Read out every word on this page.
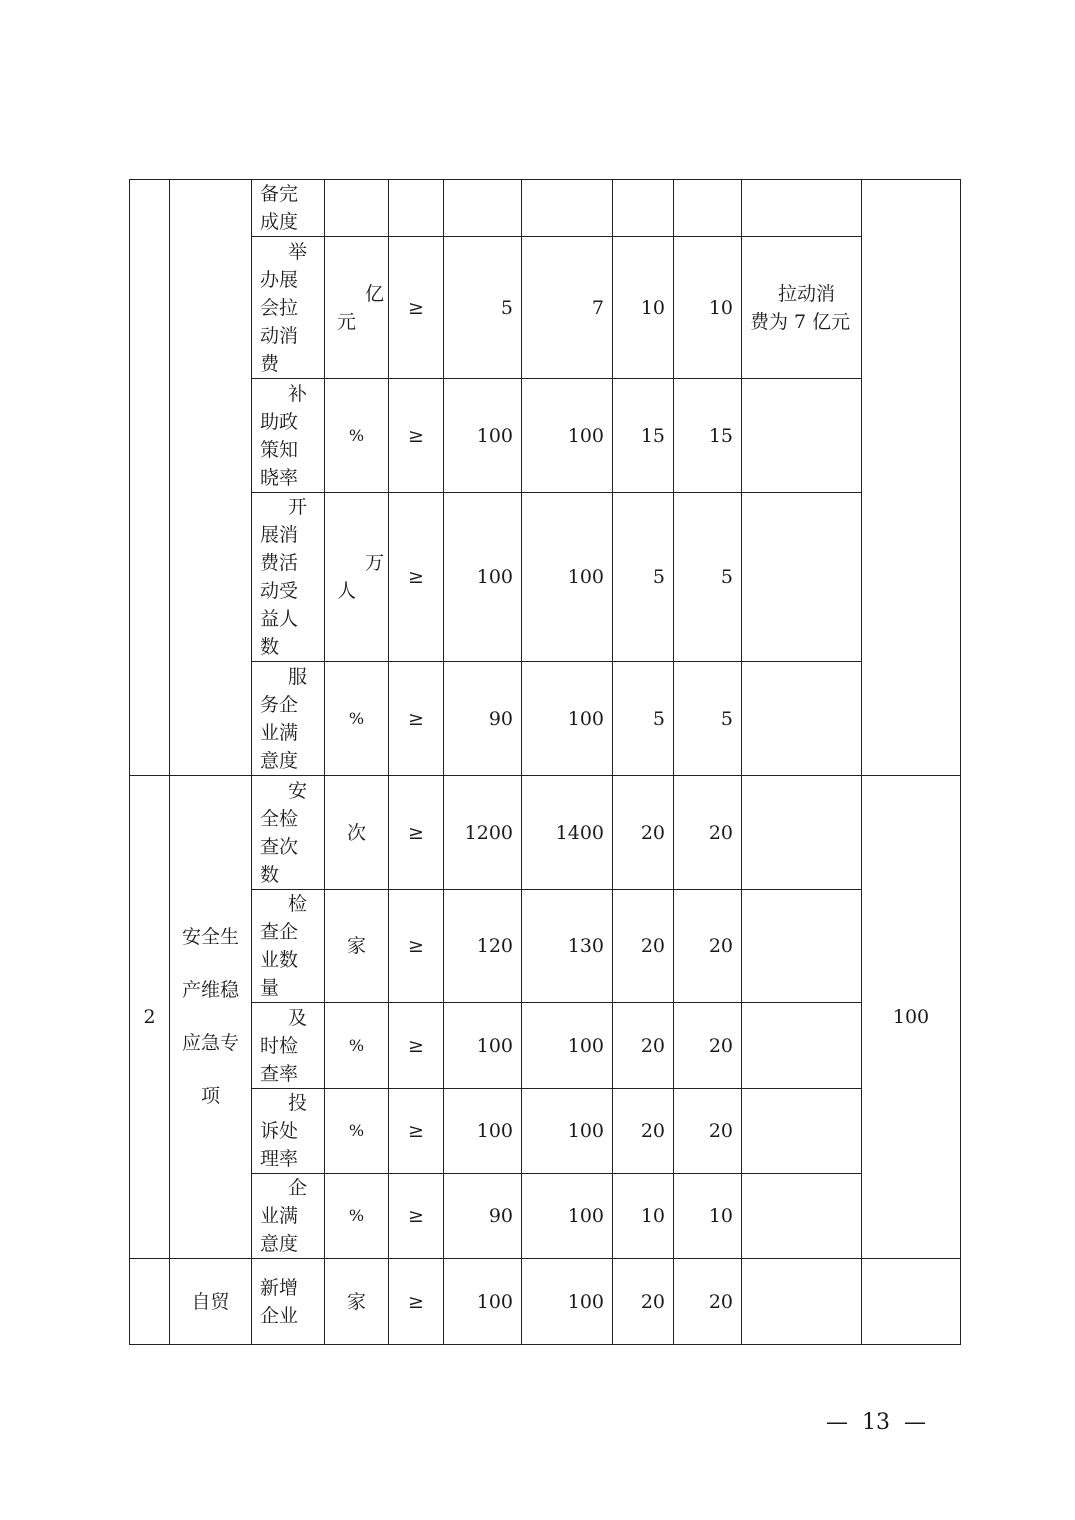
		备完成度								
		举办展会拉动消费	亿元	≥	5	7	10	10	拉动消费为 7 亿元	
		补助政策知晓率	%	≥	100	100	15	15		
		开展消费活动受益人数	万人	≥	100	100	5	5		
		服务企业满意度	%	≥	90	100	5	5		
2	安全生产维稳应急专项	安全检查次数	次	≥	1200	1400	20	20		100
		检查企业数量	家	≥	120	130	20	20		
		及时检查率	%	≥	100	100	20	20		
		投诉处理率	%	≥	100	100	20	20		
		企业满意度	%	≥	90	100	10	10		
	自贸	新增企业	家	≥	100	100	20	20		
—  13  —
